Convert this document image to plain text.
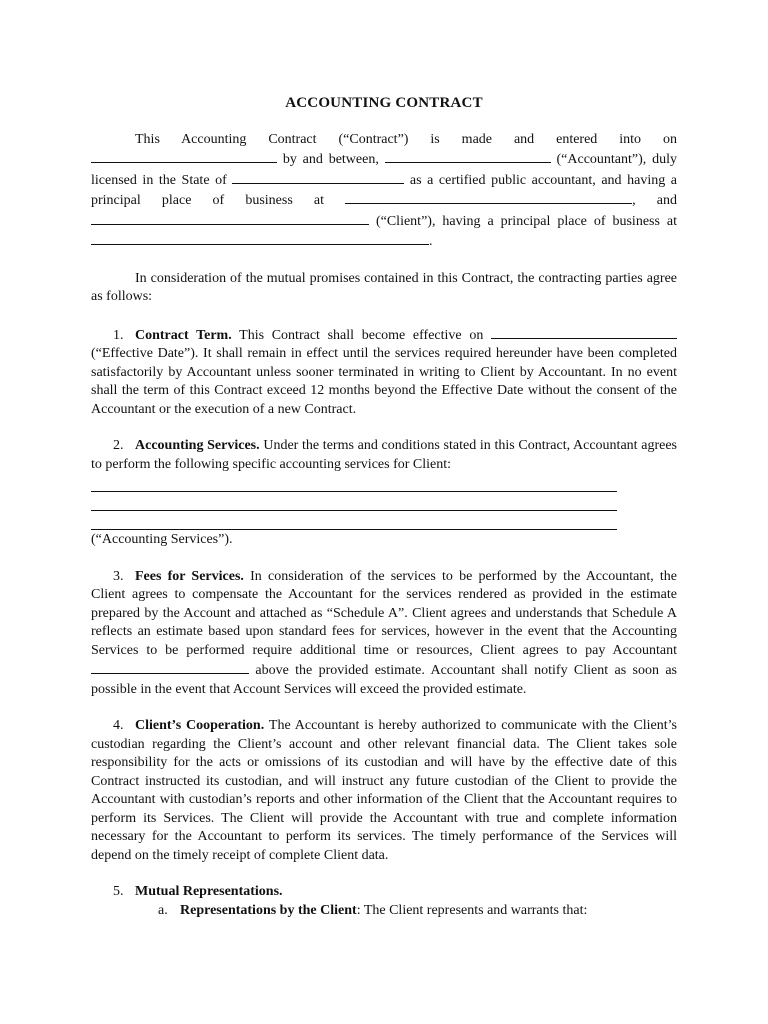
ACCOUNTING CONTRACT

This Accounting Contract (“Contract”) is made and entered into on  by and between,	(“Accountant”), duly licensed in the State of	as a certified public accountant, and having a principal place of business at	, and  (“Client”), having a principal place of business at .

In consideration of the mutual promises contained in this Contract, the contracting parties agree as follows:

1. Contract Term. This Contract shall become effective on  (“Effective Date”). It shall remain in effect until the services required hereunder have been completed satisfactorily by Accountant unless sooner terminated in writing to Client by Accountant. In no event shall the term of this Contract exceed 12 months beyond the Effective Date without the consent of the Accountant or the execution of a new Contract.

2. Accounting Services. Under the terms and conditions stated in this Contract, Accountant agrees to perform the following specific accounting services for Client:

(“Accounting Services”).

3. Fees for Services. In consideration of the services to be performed by the Accountant, the Client agrees to compensate the Accountant for the services rendered as provided in the estimate prepared by the Account and attached as “Schedule A”. Client agrees and understands that Schedule A reflects an estimate based upon standard fees for services, however in the event that the Accounting Services to be performed require additional time or resources, Client agrees to pay Accountant  above the provided estimate. Accountant shall notify Client as soon as possible in the event that Account Services will exceed the provided estimate.

4. Client’s Cooperation. The Accountant is hereby authorized to communicate with the Client’s custodian regarding the Client’s account and other relevant financial data. The Client takes sole responsibility for the acts or omissions of its custodian and will have by the effective date of this Contract instructed its custodian, and will instruct any future custodian of the Client to provide the Accountant with custodian’s reports and other information of the Client that the Accountant requires to perform its Services. The Client will provide the Accountant with true and complete information necessary for the Accountant to perform its services. The timely performance of the Services will depend on the timely receipt of complete Client data.

5. Mutual Representations.

a. Representations by the Client: The Client represents and warrants that:
